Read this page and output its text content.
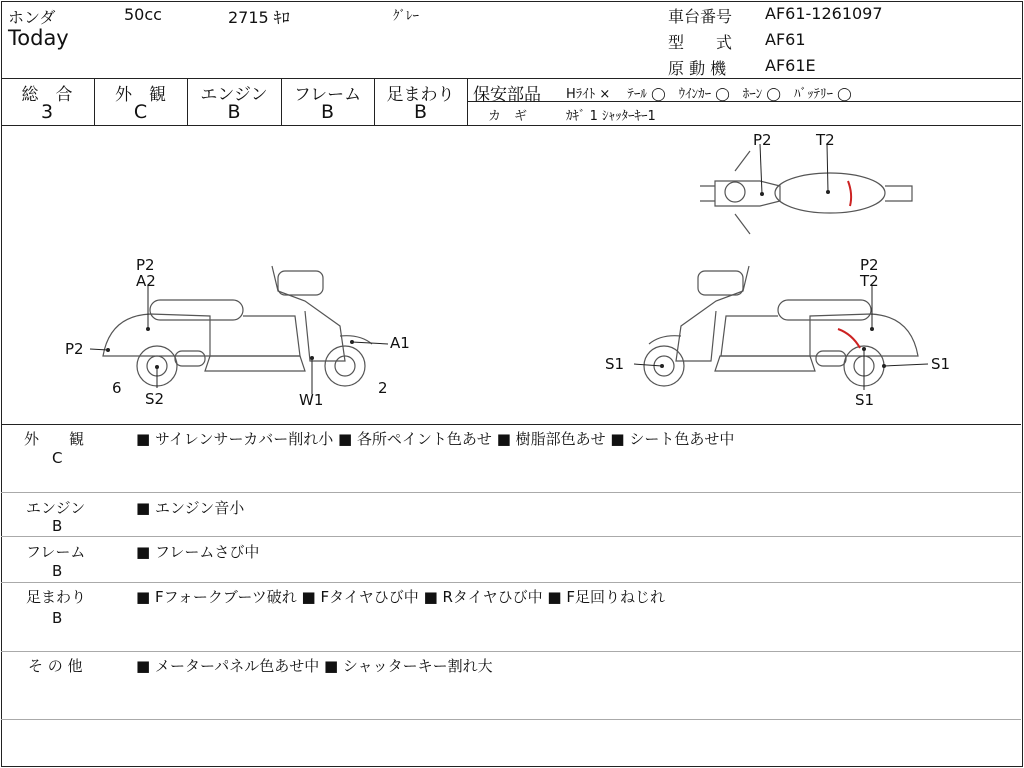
ホンダ	50cc	2715 ｷﾛ	ｸﾞﾚｰ
Today
車台番号 AF61-1261097
型　　式 AF61
原 動 機 AF61E
総　合
3
外　観
C
エンジン
B
フレーム
B
足まわり
B
保安部品 Hﾗｲﾄ ×　 ﾃｰﾙ ◯　ｳｲﾝｶｰ ◯　ﾎｰﾝ ◯　ﾊﾞｯﾃﾘｰ ◯
カ　ギ	ｶｷﾞ 1 ｼｬｯﾀｰｷｰ1
P2	T2
P2
A2
P2	A1
6
S2	W1
2
P2
T2
S1	S1
S1
外　　観
C
■ サイレンサーカバー削れ小 ■ 各所ペイント色あせ ■ 樹脂部色あせ ■ シート色あせ中
エンジン
B
■ エンジン音小
フレーム
B
■ フレームさび中
足まわり
B
■ Fフォークブーツ破れ ■ Fタイヤひび中 ■ Rタイヤひび中 ■ F足回りねじれ
そ の 他	■ メーターパネル色あせ中 ■ シャッターキー割れ大
